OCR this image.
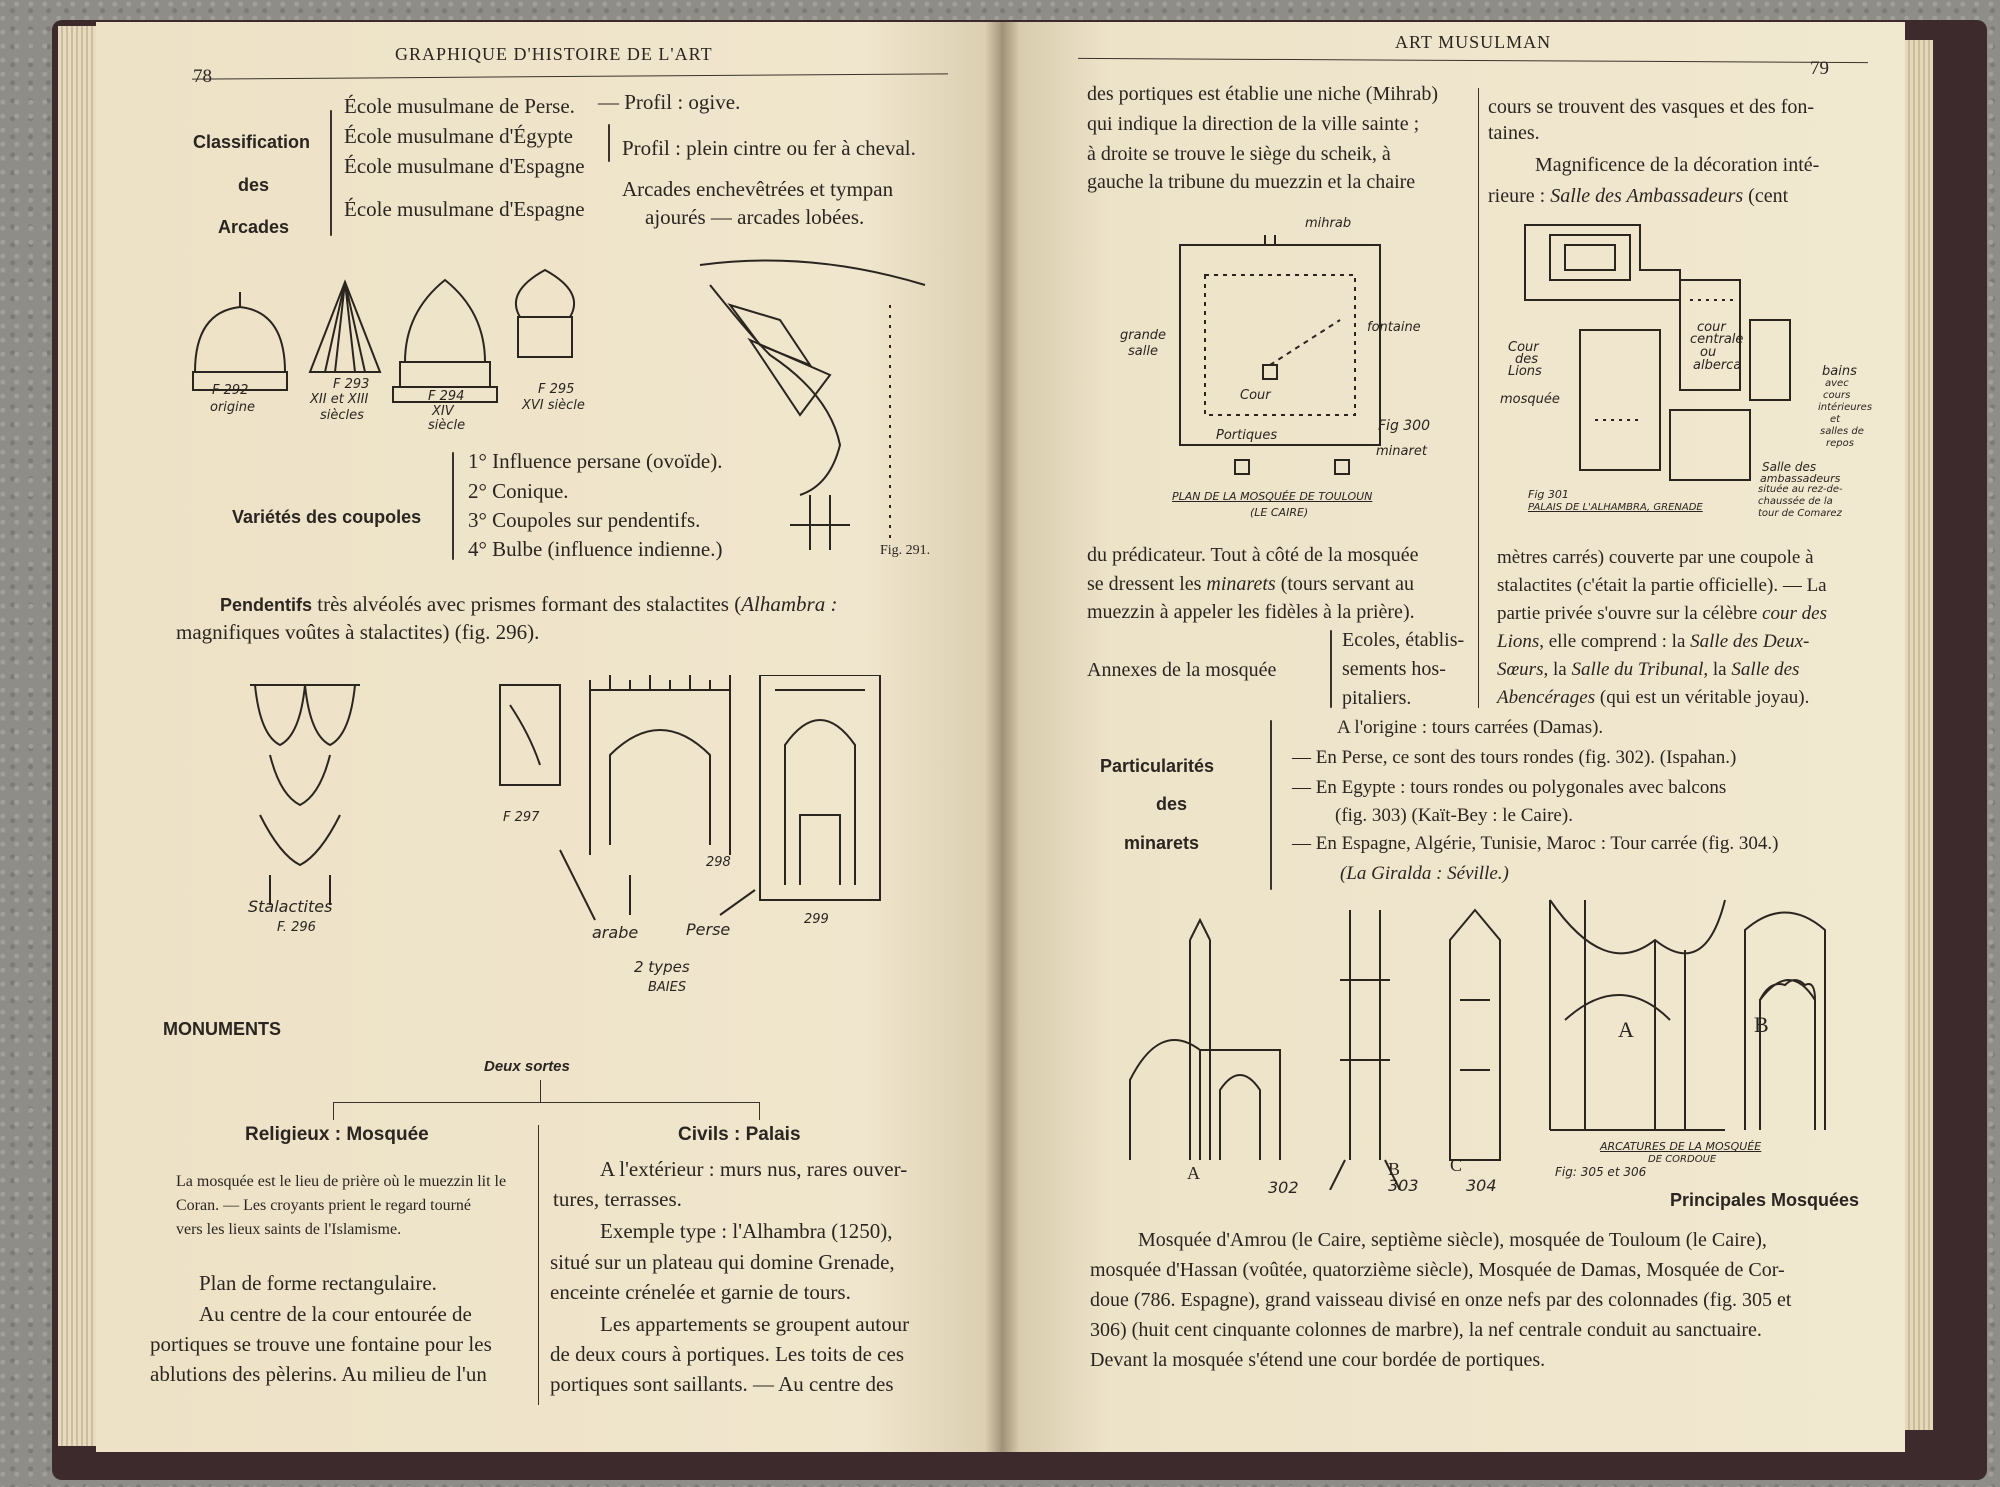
78
GRAPHIQUE D'HISTOIRE DE L'ART
Classification
des
Arcades
École musulmane de Perse.
École musulmane d'Égypte
École musulmane d'Espagne
École musulmane d'Espagne
— Profil : ogive.
Profil : plein cintre ou fer à cheval.
Arcades enchevêtrées et tympan
ajourés — arcades lobées.
F 292
origine
F 293
XII et XIII
siècles
F 294
XIV
siècle
F 295
XVI siècle
Fig. 291.
Variétés des coupoles
1° Influence persane (ovoïde).
2° Conique.
3° Coupoles sur pendentifs.
4° Bulbe (influence indienne.)
Pendentifs très alvéolés avec prismes formant des stalactites (Alhambra :
magnifiques voûtes à stalactites) (fig. 296).
Stalactites
F. 296
F 297
298
299
arabe	Perse
2 types
BAIES
MONUMENTS
Deux sortes
Religieux : Mosquée
La mosquée est le lieu de prière où le muezzin lit le
Coran. — Les croyants prient le regard tourné
vers les lieux saints de l'Islamisme.
Plan de forme rectangulaire.
Au centre de la cour entourée de
portiques se trouve une fontaine pour les
ablutions des pèlerins. Au milieu de l'un
Civils : Palais
A l'extérieur : murs nus, rares ouver-
tures, terrasses.
Exemple type : l'Alhambra (1250),
situé sur un plateau qui domine Grenade,
enceinte crénelée et garnie de tours.
Les appartements se groupent autour
de deux cours à portiques. Les toits de ces
portiques sont saillants. — Au centre des
ART MUSULMAN
79
des portiques est établie une niche (Mihrab)
qui indique la direction de la ville sainte ;
à droite se trouve le siège du scheik, à
gauche la tribune du muezzin et la chaire
cours se trouvent des vasques et des fon-
taines.
Magnificence de la décoration inté-
rieure : Salle des Ambassadeurs (cent
mihrab
grande
salle
fontaine
Cour
Portiques
Fig 300
minaret
PLAN DE LA MOSQUÉE DE TOULOUN
(LE CAIRE)
Cour
des
Lions
mosquée
cour
centrale
ou
alberca	bains
avec
cours
intérieures
et
salles de
repos
Salle des
ambassadeurs
située au rez-de-
chaussée de la
tour de Comarez
Fig 301
PALAIS DE L'ALHAMBRA, GRENADE
du prédicateur. Tout à côté de la mosquée
se dressent les minarets (tours servant au
muezzin à appeler les fidèles à la prière).
Annexes de la mosquée
Ecoles, établis-
sements hos-
pitaliers.
mètres carrés) couverte par une coupole à
stalactites (c'était la partie officielle). — La
partie privée s'ouvre sur la célèbre cour des
Lions, elle comprend : la Salle des Deux-
Sœurs, la Salle du Tribunal, la Salle des
Abencérages (qui est un véritable joyau).
Particularités
des
minarets
A l'origine : tours carrées (Damas).
— En Perse, ce sont des tours rondes (fig. 302). (Ispahan.)
— En Egypte : tours rondes ou polygonales avec balcons
(fig. 303) (Kaït-Bey : le Caire).
— En Espagne, Algérie, Tunisie, Maroc : Tour carrée (fig. 304.)
(La Giralda : Séville.)
A
302
B
303
C
304
A	B
ARCATURES DE LA MOSQUÉE
DE CORDOUE
Fig: 305 et 306
Principales Mosquées
Mosquée d'Amrou (le Caire, septième siècle), mosquée de Touloum (le Caire),
mosquée d'Hassan (voûtée, quatorzième siècle), Mosquée de Damas, Mosquée de Cor-
doue (786. Espagne), grand vaisseau divisé en onze nefs par des colonnades (fig. 305 et
306) (huit cent cinquante colonnes de marbre), la nef centrale conduit au sanctuaire.
Devant la mosquée s'étend une cour bordée de portiques.
